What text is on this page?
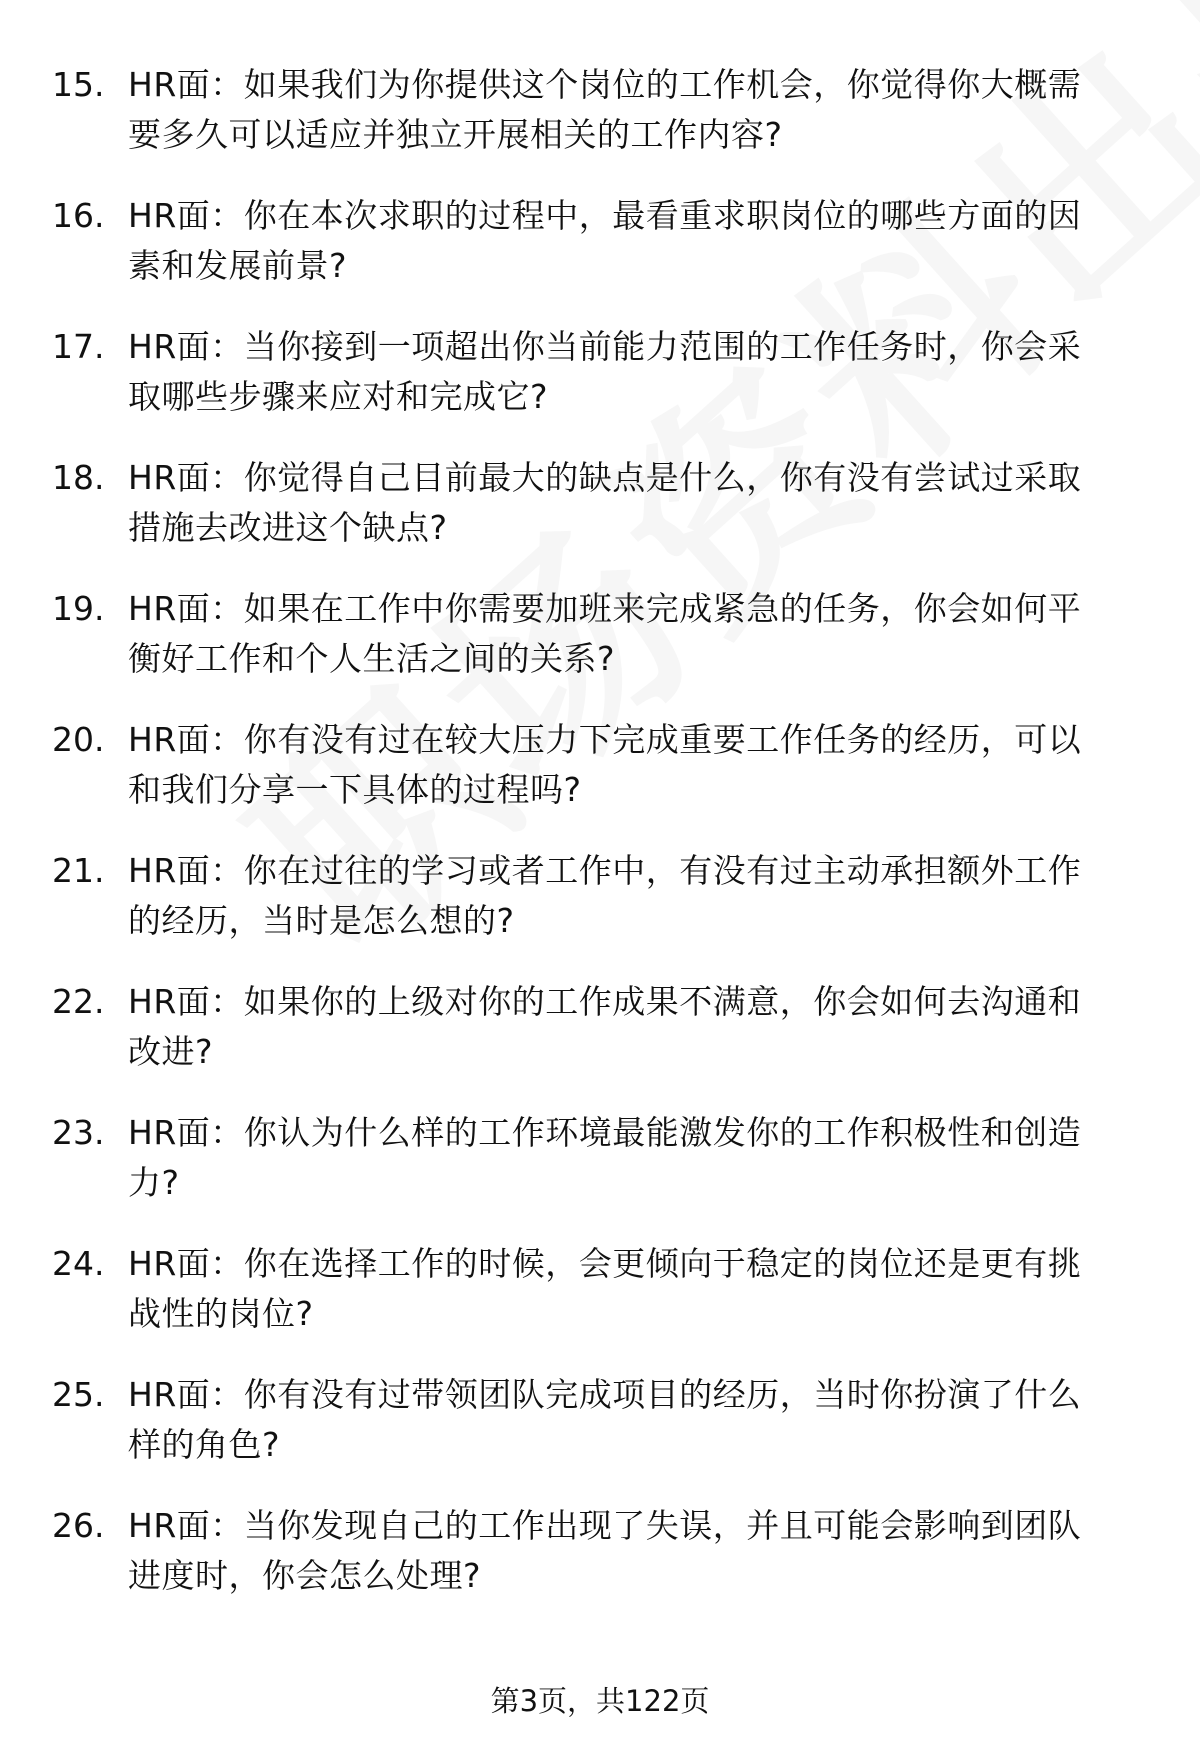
15. HR面：如果我们为你提供这个岗位的工作机会，你觉得你大概需
要多久可以适应并独立开展相关的工作内容?
16. HR面：你在本次求职的过程中，最看重求职岗位的哪些方面的因
素和发展前景?
17. HR面：当你接到一项超出你当前能力范围的工作任务时，你会采
取哪些步骤来应对和完成它?
18. HR面：你觉得自己目前最大的缺点是什么，你有没有尝试过采取
措施去改进这个缺点?
19. HR面：如果在工作中你需要加班来完成紧急的任务，你会如何平
衡好工作和个人生活之间的关系?
20. HR面：你有没有过在较大压力下完成重要工作任务的经历，可以
和我们分享一下具体的过程吗?
21. HR面：你在过往的学习或者工作中，有没有过主动承担额外工作
的经历，当时是怎么想的?
22. HR面：如果你的上级对你的工作成果不满意，你会如何去沟通和
改进?
23. HR面：你认为什么样的工作环境最能激发你的工作积极性和创造
力?
24. HR面：你在选择工作的时候，会更倾向于稳定的岗位还是更有挑
战性的岗位?
25. HR面：你有没有过带领团队完成项目的经历，当时你扮演了什么
样的角色?
26. HR面：当你发现自己的工作出现了失误，并且可能会影响到团队
进度时，你会怎么处理?
第3页，共122页
